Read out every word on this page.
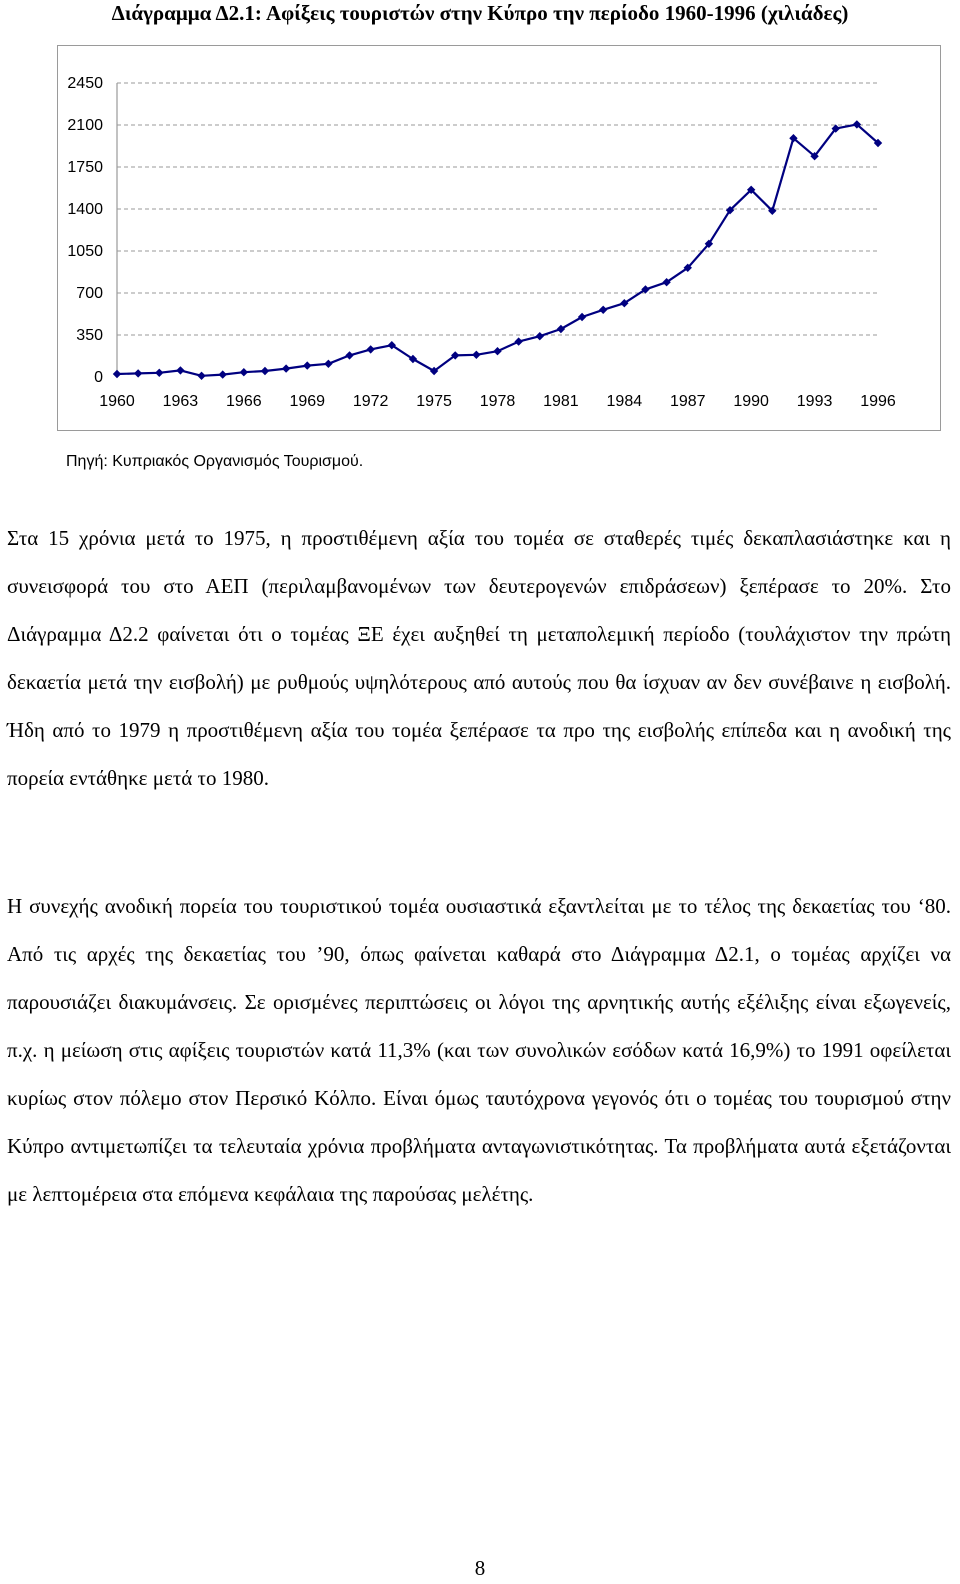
Διάγραμμα Δ2.1: Αφίξεις τουριστών στην Κύπρο την περίοδο 1960-1996 (χιλιάδες)
0
350
700
1050
1400
1750
2100
2450
1960 1963 1966 1969 1972 1975 1978 1981 1984 1987 1990 1993 1996
Πηγή: Κυπριακός Οργανισμός Τουρισμού.

Στα 15 χρόνια μετά το 1975, η προστιθέμενη αξία του τομέα σε σταθερές τιμές δεκαπλασιάστηκε και η συνεισφορά του στο ΑΕΠ (περιλαμβανομένων των δευτερογενών επιδράσεων) ξεπέρασε το 20%. Στο Διάγραμμα Δ2.2 φαίνεται ότι ο τομέας ΞΕ έχει αυξηθεί τη μεταπολεμική περίοδο (τουλάχιστον την πρώτη δεκαετία μετά την εισβολή) με ρυθμούς υψηλότερους από αυτούς που θα ίσχυαν αν δεν συνέβαινε η εισβολή. Ήδη από το 1979 η προστιθέμενη αξία του τομέα ξεπέρασε τα προ της εισβολής επίπεδα και η ανοδική της πορεία εντάθηκε μετά το 1980.

Η συνεχής ανοδική πορεία του τουριστικού τομέα ουσιαστικά εξαντλείται με το τέλος της δεκαετίας του ‘80. Από τις αρχές της δεκαετίας του ’90, όπως φαίνεται καθαρά στο Διάγραμμα Δ2.1, ο τομέας αρχίζει να παρουσιάζει διακυμάνσεις. Σε ορισμένες περιπτώσεις οι λόγοι της αρνητικής αυτής εξέλιξης είναι εξωγενείς, π.χ. η μείωση στις αφίξεις τουριστών κατά 11,3% (και των συνολικών εσόδων κατά 16,9%) το 1991 οφείλεται κυρίως στον πόλεμο στον Περσικό Κόλπο. Είναι όμως ταυτόχρονα γεγονός ότι ο τομέας του τουρισμού στην Κύπρο αντιμετωπίζει τα τελευταία χρόνια προβλήματα ανταγωνιστικότητας. Τα προβλήματα αυτά εξετάζονται με λεπτομέρεια στα επόμενα κεφάλαια της παρούσας μελέτης.

8
